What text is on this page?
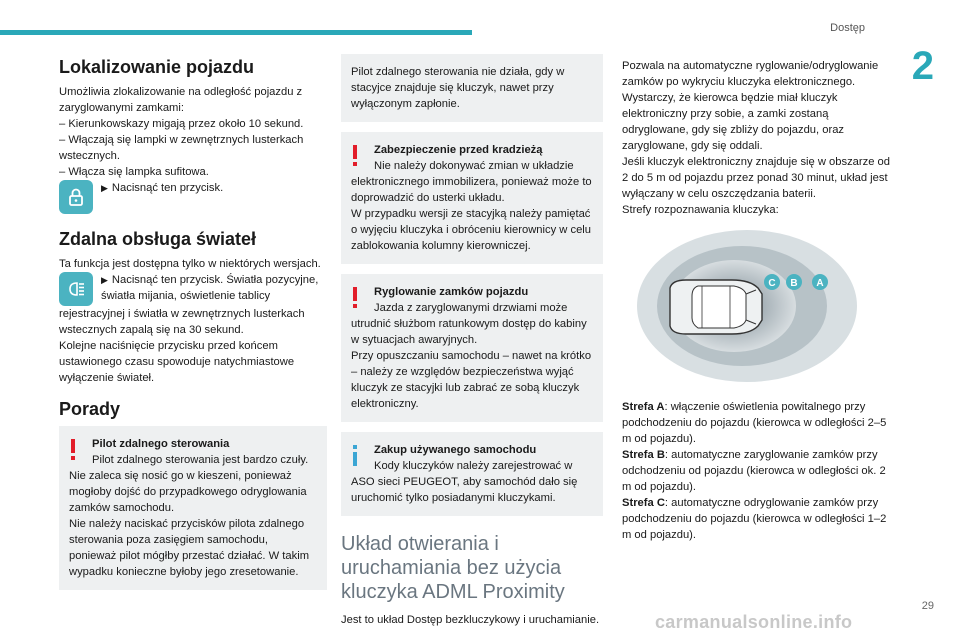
Dostęp
2
29
carmanualsonline.info
Lokalizowanie pojazdu
Umożliwia zlokalizowanie na odległość pojazdu z zaryglowanymi zamkami:
– Kierunkowskazy migają przez około 10 sekund.
– Włączają się lampki w zewnętrznych lusterkach wstecznych.
– Włącza się lampka sufitowa.
▶ Nacisnąć ten przycisk.
Zdalna obsługa świateł
Ta funkcja jest dostępna tylko w niektórych wersjach.
▶ Nacisnąć ten przycisk. Światła pozycyjne, światła mijania, oświetlenie tablicy
rejestracyjnej i światła w zewnętrznych lusterkach wstecznych zapalą się na 30 sekund.
Kolejne naciśnięcie przycisku przed końcem ustawionego czasu spowoduje natychmiastowe wyłączenie świateł.
Porady
Pilot zdalnego sterowania
Pilot zdalnego sterowania jest bardzo czuły.
Nie zaleca się nosić go w kieszeni, ponieważ mogłoby dojść do przypadkowego odryglowania zamków samochodu.
Nie należy naciskać przycisków pilota zdalnego sterowania poza zasięgiem samochodu, ponieważ pilot mógłby przestać działać. W takim wypadku konieczne byłoby jego zresetowanie.
Pilot zdalnego sterowania nie działa, gdy w stacyjce znajduje się kluczyk, nawet przy wyłączonym zapłonie.
Zabezpieczenie przed kradzieżą
Nie należy dokonywać zmian w układzie
elektronicznego immobilizera, ponieważ może to doprowadzić do usterki układu.
W przypadku wersji ze stacyjką należy pamiętać o wyjęciu kluczyka i obróceniu kierownicy w celu zablokowania kolumny kierowniczej.
Ryglowanie zamków pojazdu
Jazda z zaryglowanymi drzwiami może
utrudnić służbom ratunkowym dostęp do kabiny w sytuacjach awaryjnych.
Przy opuszczaniu samochodu – nawet na krótko – należy ze względów bezpieczeństwa wyjąć kluczyk ze stacyjki lub zabrać ze sobą kluczyk elektroniczny.
Zakup używanego samochodu
Kody kluczyków należy zarejestrować w
ASO sieci PEUGEOT, aby samochód dało się uruchomić tylko posiadanymi kluczykami.
Układ otwierania i uruchamiania bez użycia kluczyka ADML Proximity
Jest to układ Dostęp bezkluczykowy i uruchamianie.
Pozwala na automatyczne ryglowanie/odryglowanie zamków po wykryciu kluczyka elektronicznego.
Wystarczy, że kierowca będzie miał kluczyk elektroniczny przy sobie, a zamki zostaną odryglowane, gdy się zbliży do pojazdu, oraz zaryglowane, gdy się oddali.
Jeśli kluczyk elektroniczny znajduje się w obszarze od 2 do 5 m od pojazdu przez ponad 30 minut, układ jest wyłączany w celu oszczędzania baterii.
Strefy rozpoznawania kluczyka:
C B A
Strefa A: włączenie oświetlenia powitalnego przy podchodzeniu do pojazdu (kierowca w odległości 2–5 m od pojazdu).
Strefa B: automatyczne zaryglowanie zamków przy odchodzeniu od pojazdu (kierowca w odległości ok. 2 m od pojazdu).
Strefa C: automatyczne odryglowanie zamków przy podchodzeniu do pojazdu (kierowca w odległości 1–2 m od pojazdu).
